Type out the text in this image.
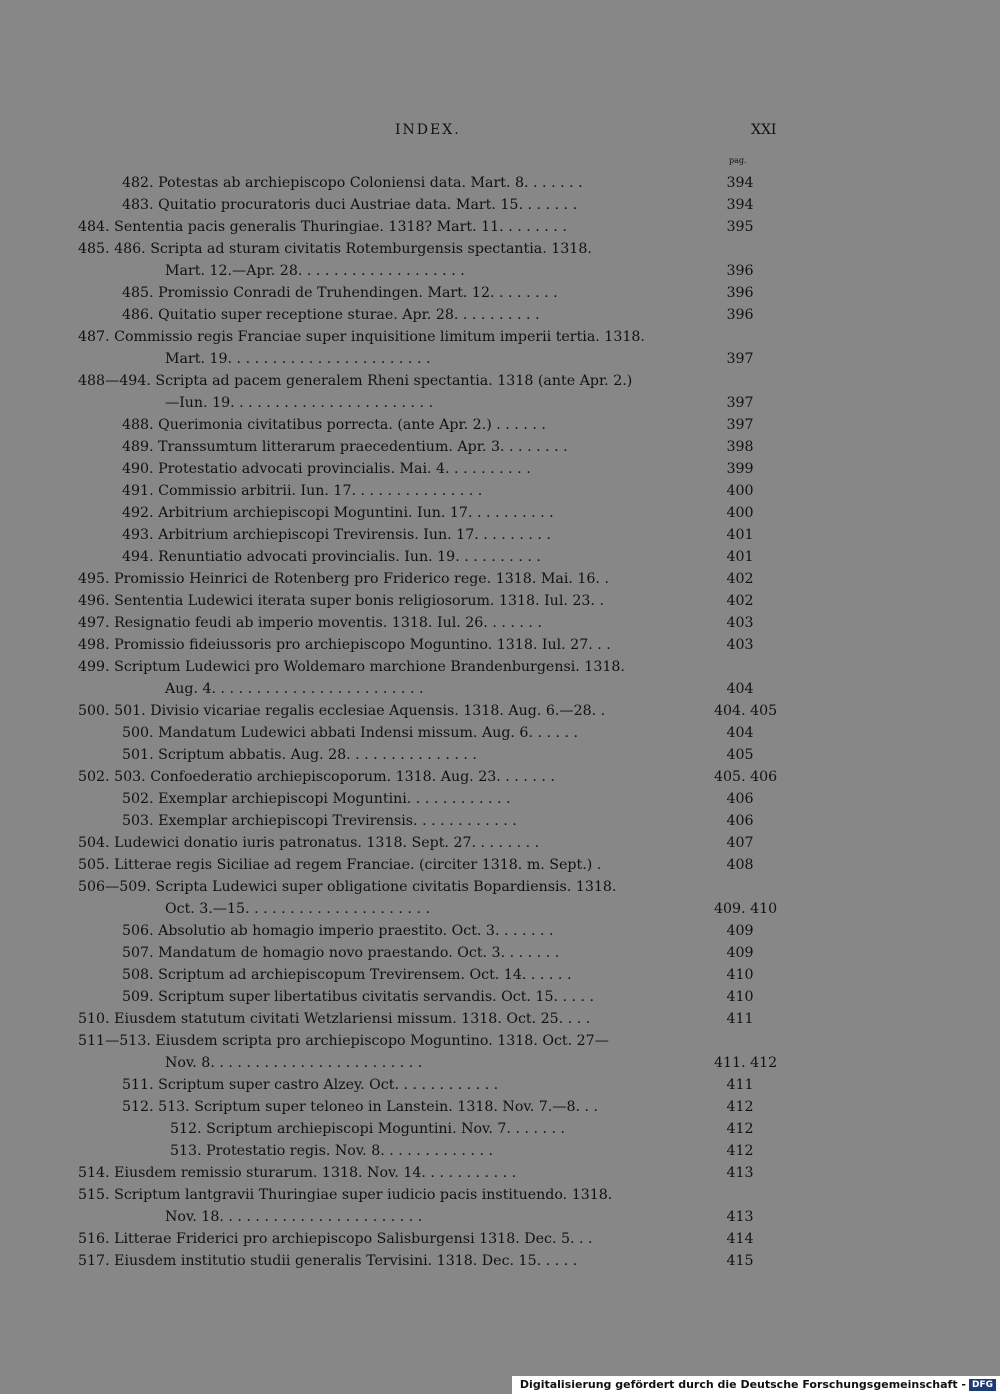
INDEX.	XXI
pag.
482. Potestas ab archiepiscopo Coloniensi data. Mart. 8. . . . . . .	394
483. Quitatio procuratoris duci Austriae data. Mart. 15. . . . . . .	394
484. Sententia pacis generalis Thuringiae. 1318? Mart. 11. . . . . . . .	395
485. 486. Scripta ad sturam civitatis Rotemburgensis spectantia. 1318.
Mart. 12.—Apr. 28. . . . . . . . . . . . . . . . . . .	396
485. Promissio Conradi de Truhendingen. Mart. 12. . . . . . . .	396
486. Quitatio super receptione sturae. Apr. 28. . . . . . . . . .	396
487. Commissio regis Franciae super inquisitione limitum imperii tertia. 1318.
Mart. 19. . . . . . . . . . . . . . . . . . . . . . .	397
488—494. Scripta ad pacem generalem Rheni spectantia. 1318 (ante Apr. 2.)
—Iun. 19. . . . . . . . . . . . . . . . . . . . . . .	397
488. Querimonia civitatibus porrecta. (ante Apr. 2.) . . . . . .	397
489. Transsumtum litterarum praecedentium. Apr. 3. . . . . . . .	398
490. Protestatio advocati provincialis. Mai. 4. . . . . . . . . .	399
491. Commissio arbitrii. Iun. 17. . . . . . . . . . . . . . .	400
492. Arbitrium archiepiscopi Moguntini. Iun. 17. . . . . . . . . .	400
493. Arbitrium archiepiscopi Trevirensis. Iun. 17. . . . . . . . .	401
494. Renuntiatio advocati provincialis. Iun. 19. . . . . . . . . .	401
495. Promissio Heinrici de Rotenberg pro Friderico rege. 1318. Mai. 16. .	402
496. Sententia Ludewici iterata super bonis religiosorum. 1318. Iul. 23. .	402
497. Resignatio feudi ab imperio moventis. 1318. Iul. 26. . . . . . .	403
498. Promissio fideiussoris pro archiepiscopo Moguntino. 1318. Iul. 27. . .	403
499. Scriptum Ludewici pro Woldemaro marchione Brandenburgensi. 1318.
Aug. 4. . . . . . . . . . . . . . . . . . . . . . . .	404
500. 501. Divisio vicariae regalis ecclesiae Aquensis. 1318. Aug. 6.—28. .	404. 405
500. Mandatum Ludewici abbati Indensi missum. Aug. 6. . . . . .	404
501. Scriptum abbatis. Aug. 28. . . . . . . . . . . . . . .	405
502. 503. Confoederatio archiepiscoporum. 1318. Aug. 23. . . . . . .	405. 406
502. Exemplar archiepiscopi Moguntini. . . . . . . . . . . .	406
503. Exemplar archiepiscopi Trevirensis. . . . . . . . . . . .	406
504. Ludewici donatio iuris patronatus. 1318. Sept. 27. . . . . . . .	407
505. Litterae regis Siciliae ad regem Franciae. (circiter 1318. m. Sept.) .	408
506—509. Scripta Ludewici super obligatione civitatis Bopardiensis. 1318.
Oct. 3.—15. . . . . . . . . . . . . . . . . . . . .	409. 410
506. Absolutio ab homagio imperio praestito. Oct. 3. . . . . . .	409
507. Mandatum de homagio novo praestando. Oct. 3. . . . . . .	409
508. Scriptum ad archiepiscopum Trevirensem. Oct. 14. . . . . .	410
509. Scriptum super libertatibus civitatis servandis. Oct. 15. . . . .	410
510. Eiusdem statutum civitati Wetzlariensi missum. 1318. Oct. 25. . . .	411
511—513. Eiusdem scripta pro archiepiscopo Moguntino. 1318. Oct. 27—
Nov. 8. . . . . . . . . . . . . . . . . . . . . . . .	411. 412
511. Scriptum super castro Alzey. Oct. . . . . . . . . . . .	411
512. 513. Scriptum super teloneo in Lanstein. 1318. Nov. 7.—8. . .	412
512. Scriptum archiepiscopi Moguntini. Nov. 7. . . . . . .	412
513. Protestatio regis. Nov. 8. . . . . . . . . . . . .	412
514. Eiusdem remissio sturarum. 1318. Nov. 14. . . . . . . . . . .	413
515. Scriptum lantgravii Thuringiae super iudicio pacis instituendo. 1318.
Nov. 18. . . . . . . . . . . . . . . . . . . . . . .	413
516. Litterae Friderici pro archiepiscopo Salisburgensi 1318. Dec. 5. . .	414
517. Eiusdem institutio studii generalis Tervisini. 1318. Dec. 15. . . . .	415
Digitalisierung gefördert durch die Deutsche Forschungsgemeinschaft - DFG
